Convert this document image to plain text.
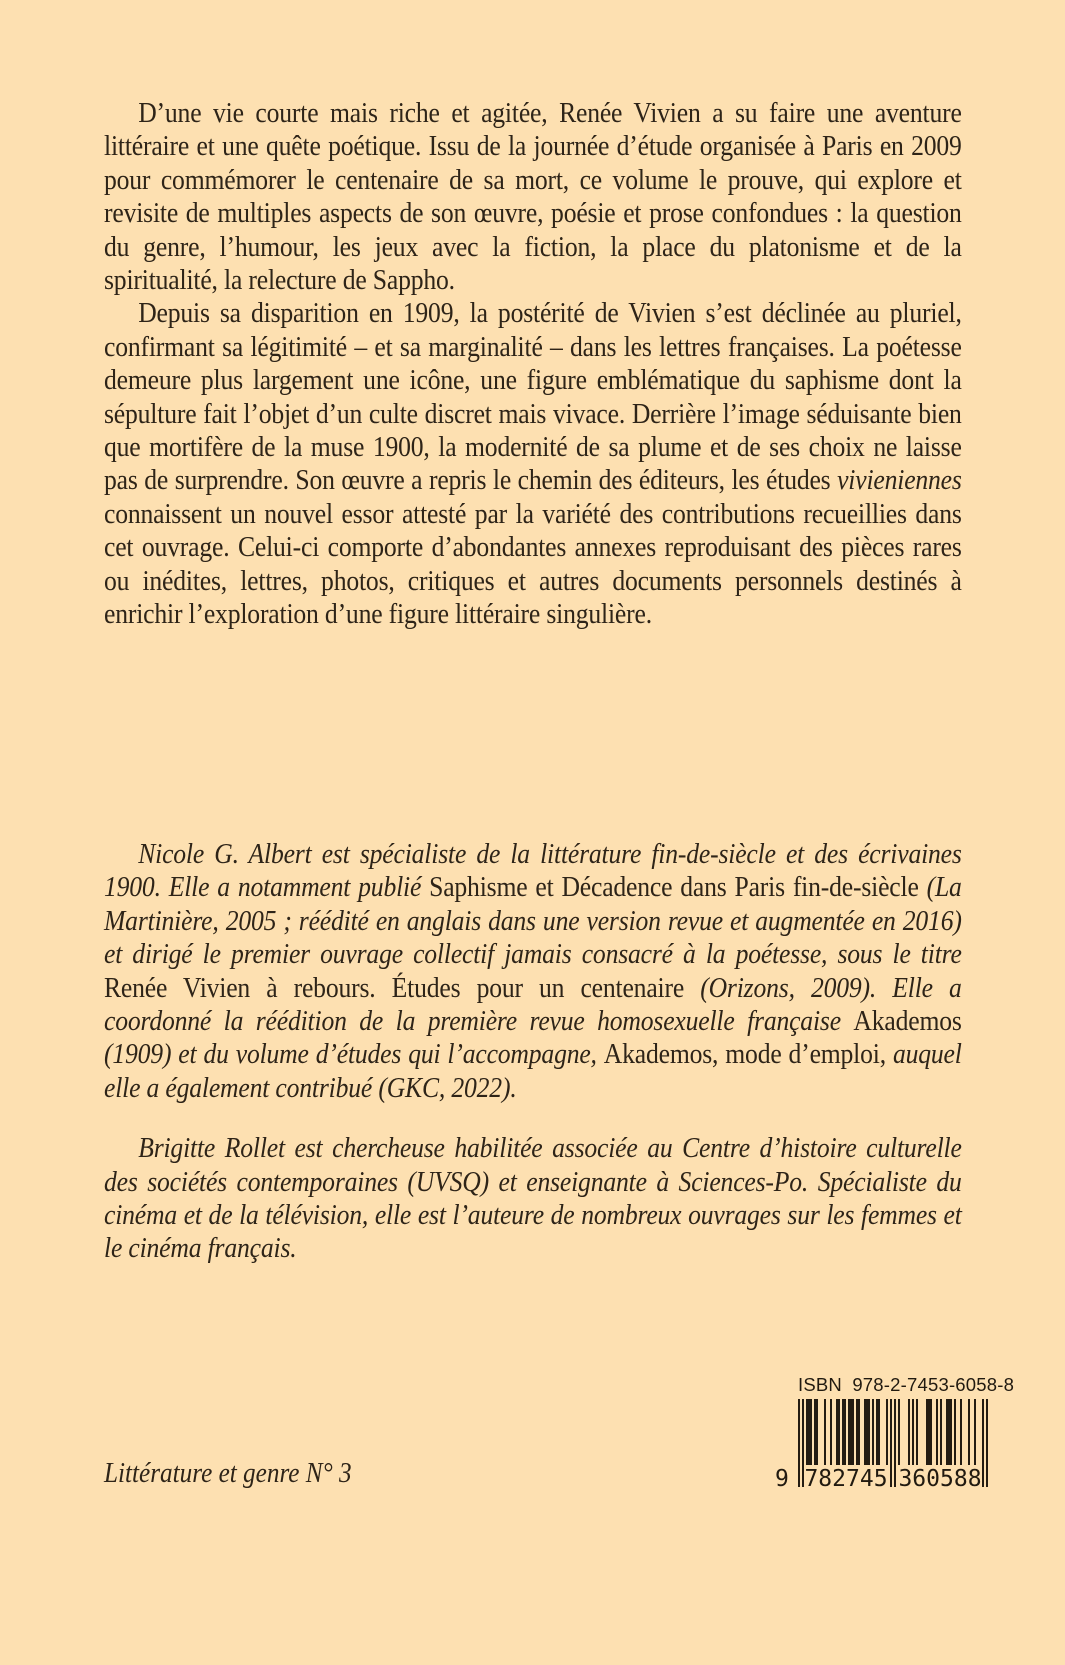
D’une vie courte mais riche et agitée, Renée Vivien a su faire une aventure littéraire et une quête poétique. Issu de la journée d’étude organisée à Paris en 2009 pour commémorer le centenaire de sa mort, ce volume le prouve, qui explore et revisite de multiples aspects de son œuvre, poésie et prose confondues : la question du genre, l’humour, les jeux avec la fiction, la place du platonisme et de la spiritualité, la relecture de Sappho.

Depuis sa disparition en 1909, la postérité de Vivien s’est déclinée au pluriel, confirmant sa légitimité – et sa marginalité – dans les lettres françaises. La poétesse demeure plus largement une icône, une figure emblématique du saphisme dont la sépulture fait l’objet d’un culte discret mais vivace. Derrière l’image séduisante bien que mortifère de la muse 1900, la modernité de sa plume et de ses choix ne laisse pas de surprendre. Son œuvre a repris le chemin des éditeurs, les études vivieniennes connaissent un nouvel essor attesté par la variété des contributions recueillies dans cet ouvrage. Celui-ci comporte d’abondantes annexes reproduisant des pièces rares ou inédites, lettres, photos, critiques et autres documents personnels destinés à enrichir l’exploration d’une figure littéraire singulière.

Nicole G. Albert est spécialiste de la littérature fin-de-siècle et des écrivaines 1900. Elle a notamment publié Saphisme et Décadence dans Paris fin-de-siècle (La Martinière, 2005 ; réédité en anglais dans une version revue et augmentée en 2016) et dirigé le premier ouvrage collectif jamais consacré à la poétesse, sous le titre Renée Vivien à rebours. Études pour un centenaire (Orizons, 2009). Elle a coordonné la réédition de la première revue homosexuelle française Akademos (1909) et du volume d’études qui l’accompagne, Akademos, mode d’emploi, auquel elle a également contribué (GKC, 2022).

Brigitte Rollet est chercheuse habilitée associée au Centre d’histoire culturelle des sociétés contemporaines (UVSQ) et enseignante à Sciences-Po. Spécialiste du cinéma et de la télévision, elle est l’auteure de nombreux ouvrages sur les femmes et le cinéma français.

Littérature et genre N° 3
ISBN 978-2-7453-6058-8
9 782745 360588
